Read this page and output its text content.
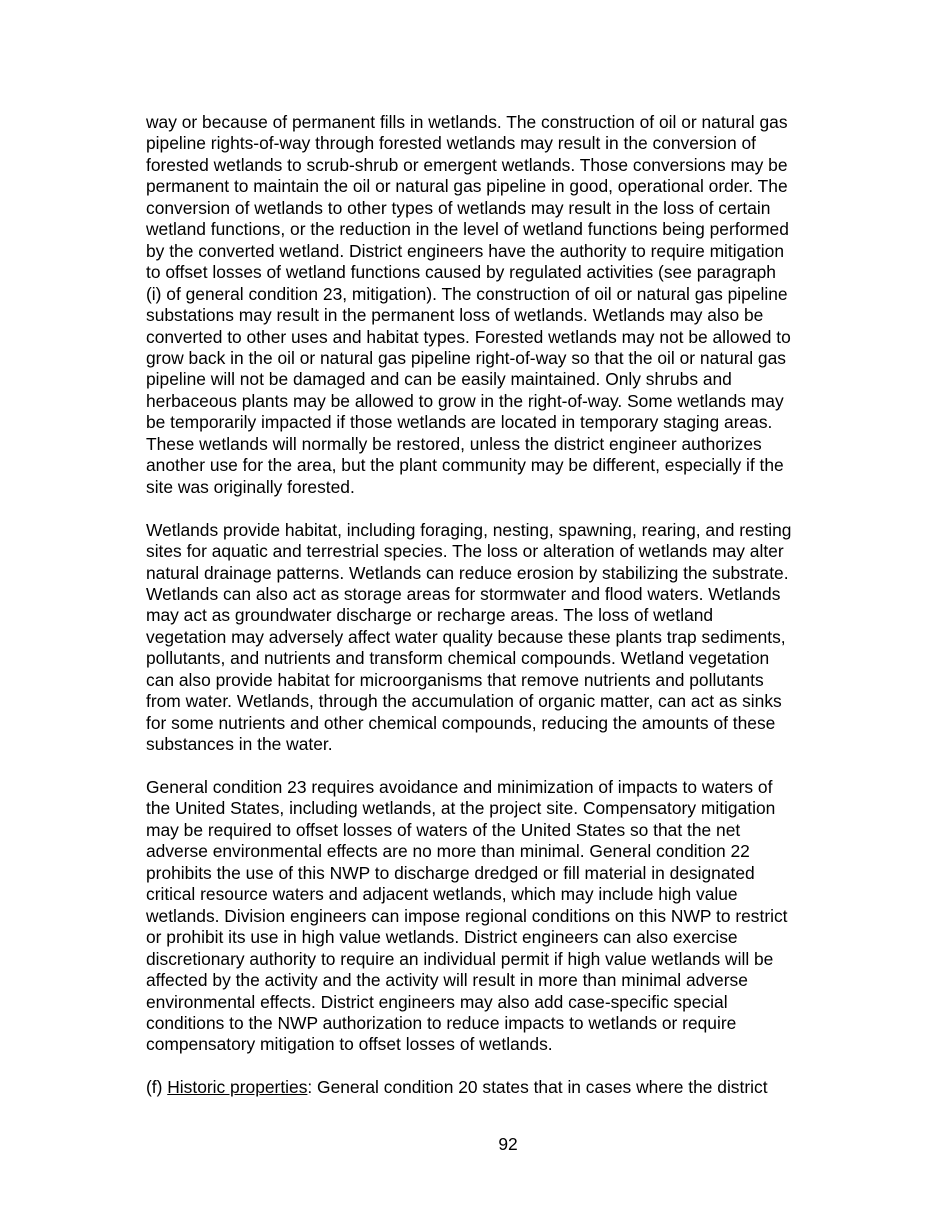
way or because of permanent fills in wetlands. The construction of oil or natural gas
pipeline rights-of-way through forested wetlands may result in the conversion of
forested wetlands to scrub-shrub or emergent wetlands. Those conversions may be
permanent to maintain the oil or natural gas pipeline in good, operational order. The
conversion of wetlands to other types of wetlands may result in the loss of certain
wetland functions, or the reduction in the level of wetland functions being performed
by the converted wetland. District engineers have the authority to require mitigation
to offset losses of wetland functions caused by regulated activities (see paragraph
(i) of general condition 23, mitigation). The construction of oil or natural gas pipeline
substations may result in the permanent loss of wetlands. Wetlands may also be
converted to other uses and habitat types. Forested wetlands may not be allowed to
grow back in the oil or natural gas pipeline right-of-way so that the oil or natural gas
pipeline will not be damaged and can be easily maintained. Only shrubs and
herbaceous plants may be allowed to grow in the right-of-way. Some wetlands may
be temporarily impacted if those wetlands are located in temporary staging areas.
These wetlands will normally be restored, unless the district engineer authorizes
another use for the area, but the plant community may be different, especially if the
site was originally forested.
Wetlands provide habitat, including foraging, nesting, spawning, rearing, and resting
sites for aquatic and terrestrial species. The loss or alteration of wetlands may alter
natural drainage patterns. Wetlands can reduce erosion by stabilizing the substrate.
Wetlands can also act as storage areas for stormwater and flood waters. Wetlands
may act as groundwater discharge or recharge areas. The loss of wetland
vegetation may adversely affect water quality because these plants trap sediments,
pollutants, and nutrients and transform chemical compounds. Wetland vegetation
can also provide habitat for microorganisms that remove nutrients and pollutants
from water. Wetlands, through the accumulation of organic matter, can act as sinks
for some nutrients and other chemical compounds, reducing the amounts of these
substances in the water.
General condition 23 requires avoidance and minimization of impacts to waters of
the United States, including wetlands, at the project site. Compensatory mitigation
may be required to offset losses of waters of the United States so that the net
adverse environmental effects are no more than minimal. General condition 22
prohibits the use of this NWP to discharge dredged or fill material in designated
critical resource waters and adjacent wetlands, which may include high value
wetlands. Division engineers can impose regional conditions on this NWP to restrict
or prohibit its use in high value wetlands. District engineers can also exercise
discretionary authority to require an individual permit if high value wetlands will be
affected by the activity and the activity will result in more than minimal adverse
environmental effects. District engineers may also add case-specific special
conditions to the NWP authorization to reduce impacts to wetlands or require
compensatory mitigation to offset losses of wetlands.
(f) Historic properties: General condition 20 states that in cases where the district
92
